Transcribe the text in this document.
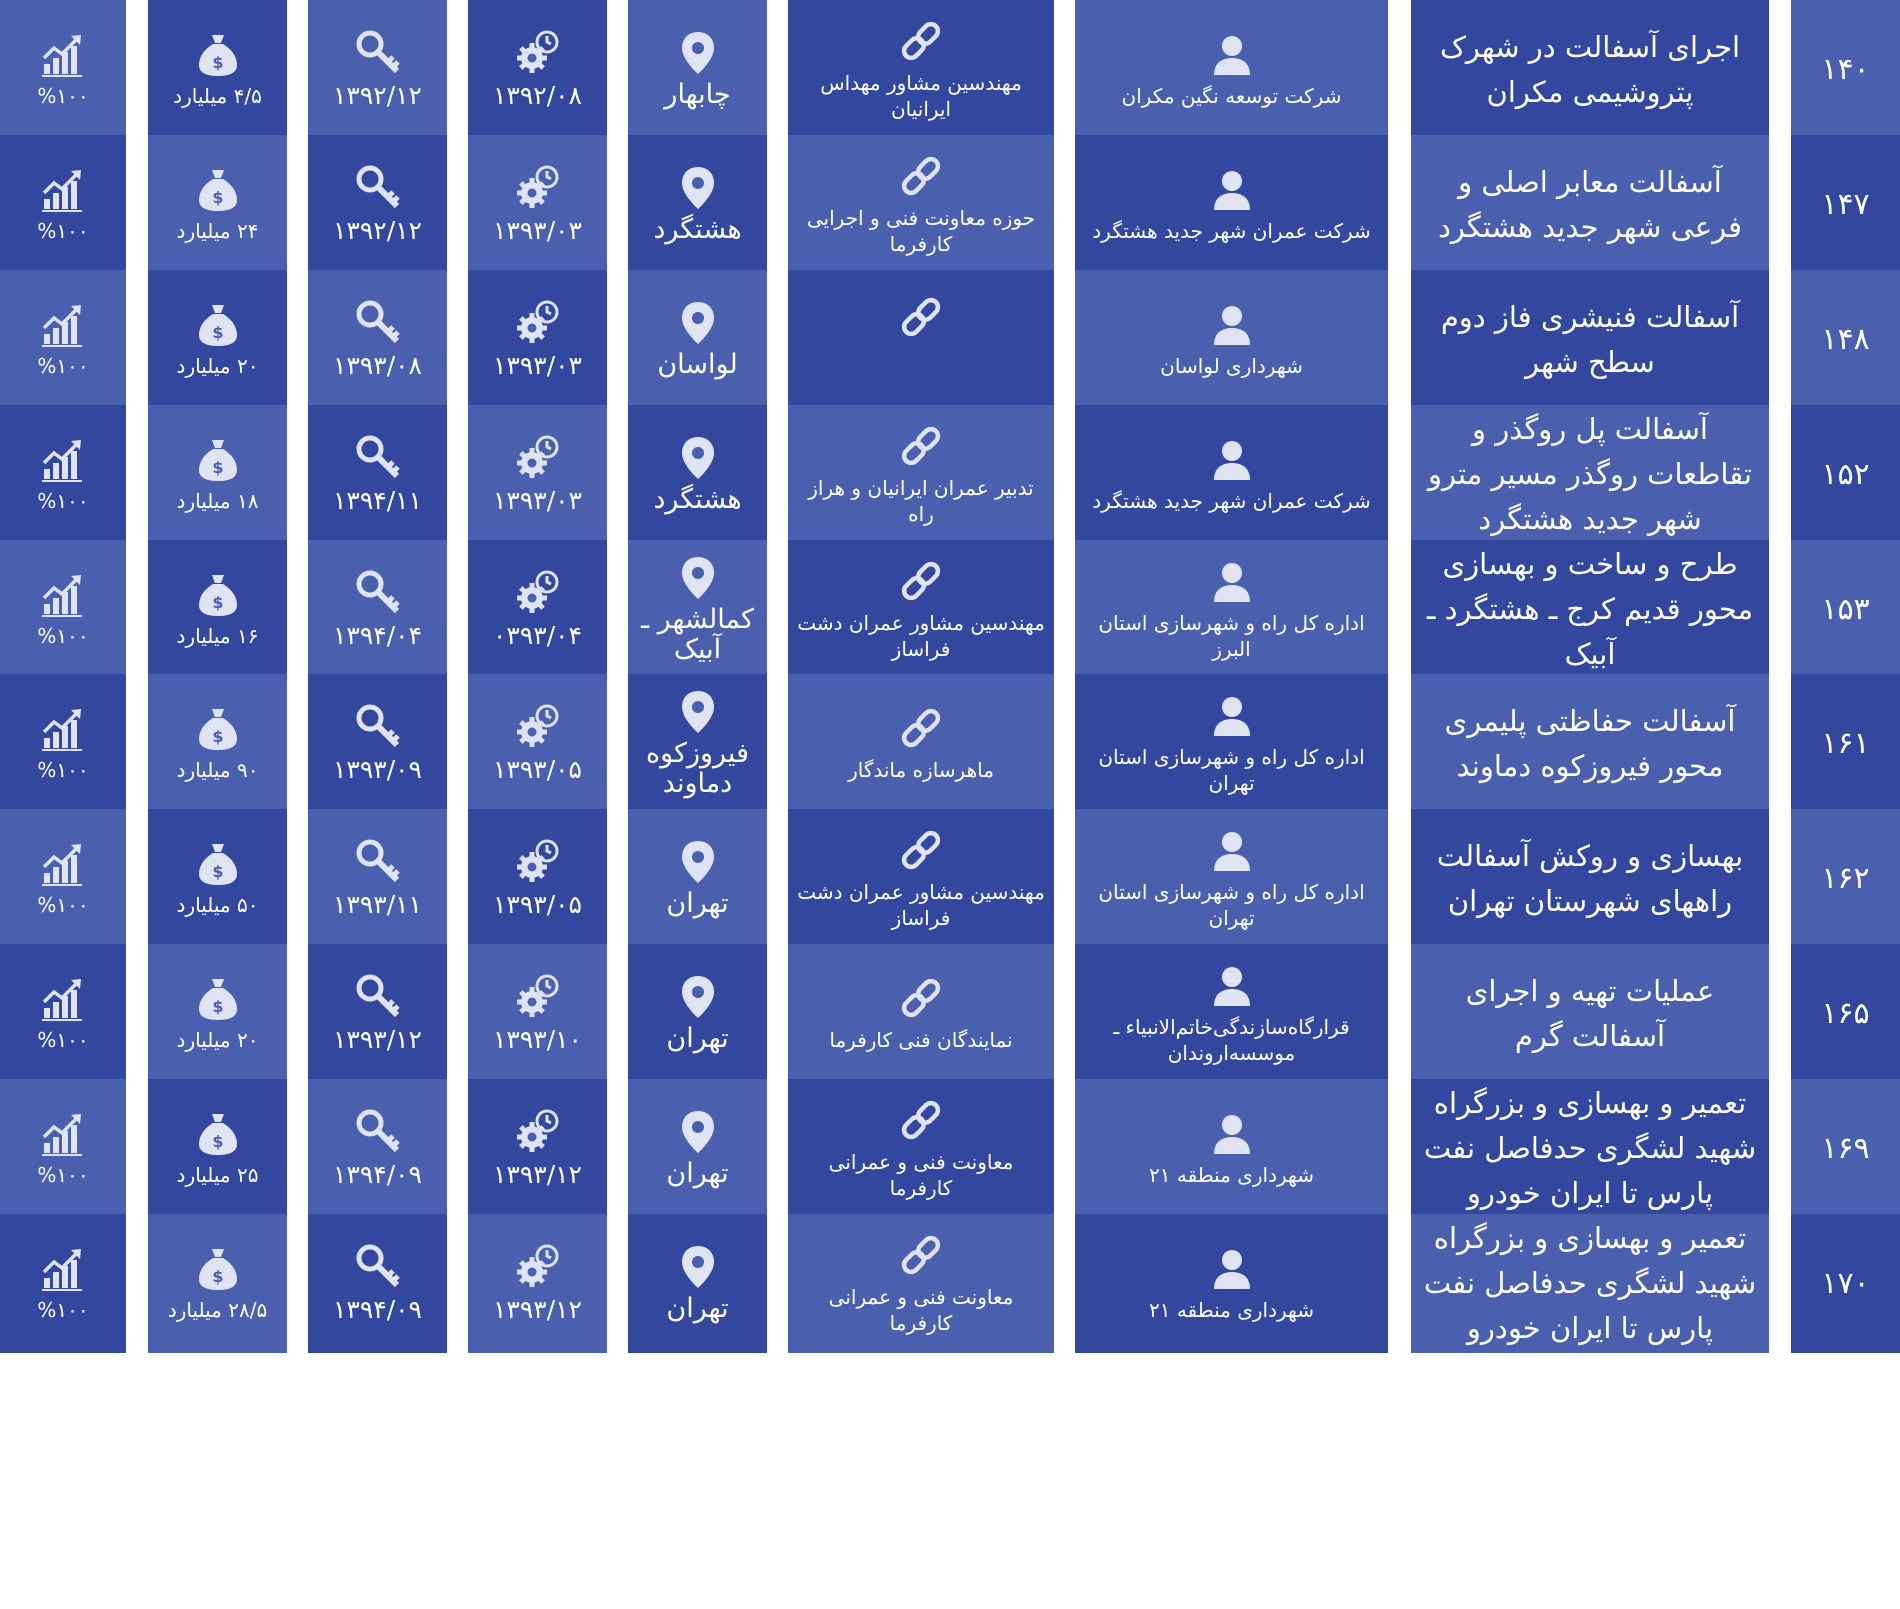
۱۴۰
اجرای آسفالت در شهرک پتروشیمی مکران
شرکت توسعه نگین مکران
مهندسین مشاور مهداس ایرانیان
چابهار
۱۳۹۲/۰۸
۱۳۹۲/۱۲
$
۴/۵ میلیارد
%۱۰۰
۱۴۷
آسفالت معابر اصلی و فرعی شهر جدید هشتگرد
شرکت عمران شهر جدید هشتگرد
حوزه معاونت فنی و اجرایی کارفرما
هشتگرد
۱۳۹۳/۰۳
۱۳۹۲/۱۲
$
۲۴ میلیارد
%۱۰۰
۱۴۸
آسفالت فنیشری فاز دوم سطح شهر
شهرداری لواسان
لواسان
۱۳۹۳/۰۳
۱۳۹۳/۰۸
$
۲۰ میلیارد
%۱۰۰
۱۵۲
آسفالت پل روگذر و تقاطعات روگذر مسیر مترو شهر جدید هشتگرد
شرکت عمران شهر جدید هشتگرد
تدبیر عمران ایرانیان و هراز راه
هشتگرد
۱۳۹۳/۰۳
۱۳۹۴/۱۱
$
۱۸ میلیارد
%۱۰۰
۱۵۳
طرح و ساخت و بهسازی محور قدیم کرج ـ هشتگرد ـ آبیک
اداره کل راه و شهرسازی استان البرز
مهندسین مشاور عمران دشت فراساز
کمالشهر ـ آبیک
۰۳۹۳/۰۴
۱۳۹۴/۰۴
$
۱۶ میلیارد
%۱۰۰
۱۶۱
آسفالت حفاظتی پلیمری محور فیروزکوه دماوند
اداره کل راه و شهرسازی استان تهران
ماهرسازه ماندگار
فیروزکوه دماوند
۱۳۹۳/۰۵
۱۳۹۳/۰۹
$
۹۰ میلیارد
%۱۰۰
۱۶۲
بهسازی و روکش آسفالت راههای شهرستان تهران
اداره کل راه و شهرسازی استان تهران
مهندسین مشاور عمران دشت فراساز
تهران
۱۳۹۳/۰۵
۱۳۹۳/۱۱
$
۵۰ میلیارد
%۱۰۰
۱۶۵
عملیات تهیه و اجرای آسفالت گرم
قرارگاه‌سازندگی‌خاتم‌الانبیاء ـ موسسه‌اروندان
نمایندگان فنی کارفرما
تهران
۱۳۹۳/۱۰
۱۳۹۳/۱۲
$
۲۰ میلیارد
%۱۰۰
۱۶۹
تعمیر و بهسازی و بزرگراه شهید لشگری حدفاصل نفت پارس تا ایران خودرو
شهرداری منطقه ۲۱
معاونت فنی و عمرانی کارفرما
تهران
۱۳۹۳/۱۲
۱۳۹۴/۰۹
$
۲۵ میلیارد
%۱۰۰
۱۷۰
تعمیر و بهسازی و بزرگراه شهید لشگری حدفاصل نفت پارس تا ایران خودرو
شهرداری منطقه ۲۱
معاونت فنی و عمرانی کارفرما
تهران
۱۳۹۳/۱۲
۱۳۹۴/۰۹
$
۲۸/۵ میلیارد
%۱۰۰
